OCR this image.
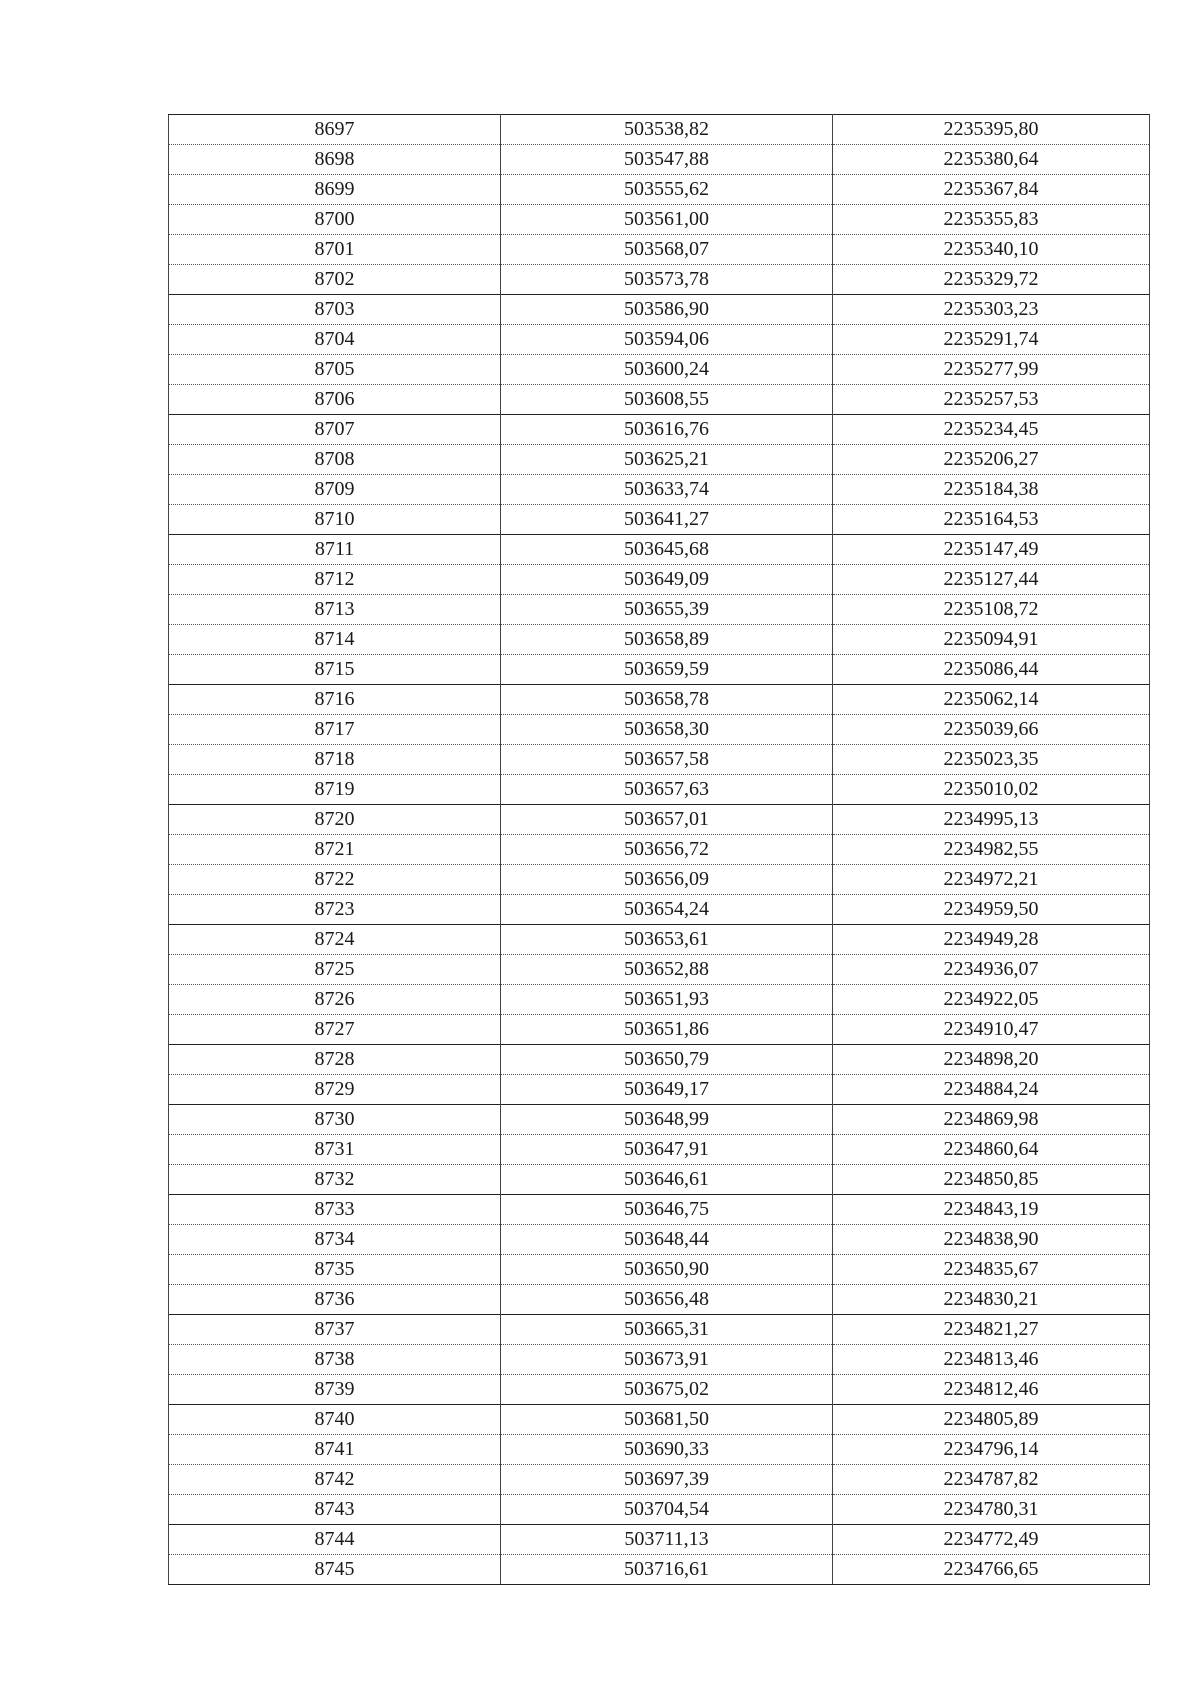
8697	503538,82	2235395,80
8698	503547,88	2235380,64
8699	503555,62	2235367,84
8700	503561,00	2235355,83
8701	503568,07	2235340,10
8702	503573,78	2235329,72
8703	503586,90	2235303,23
8704	503594,06	2235291,74
8705	503600,24	2235277,99
8706	503608,55	2235257,53
8707	503616,76	2235234,45
8708	503625,21	2235206,27
8709	503633,74	2235184,38
8710	503641,27	2235164,53
8711	503645,68	2235147,49
8712	503649,09	2235127,44
8713	503655,39	2235108,72
8714	503658,89	2235094,91
8715	503659,59	2235086,44
8716	503658,78	2235062,14
8717	503658,30	2235039,66
8718	503657,58	2235023,35
8719	503657,63	2235010,02
8720	503657,01	2234995,13
8721	503656,72	2234982,55
8722	503656,09	2234972,21
8723	503654,24	2234959,50
8724	503653,61	2234949,28
8725	503652,88	2234936,07
8726	503651,93	2234922,05
8727	503651,86	2234910,47
8728	503650,79	2234898,20
8729	503649,17	2234884,24
8730	503648,99	2234869,98
8731	503647,91	2234860,64
8732	503646,61	2234850,85
8733	503646,75	2234843,19
8734	503648,44	2234838,90
8735	503650,90	2234835,67
8736	503656,48	2234830,21
8737	503665,31	2234821,27
8738	503673,91	2234813,46
8739	503675,02	2234812,46
8740	503681,50	2234805,89
8741	503690,33	2234796,14
8742	503697,39	2234787,82
8743	503704,54	2234780,31
8744	503711,13	2234772,49
8745	503716,61	2234766,65
